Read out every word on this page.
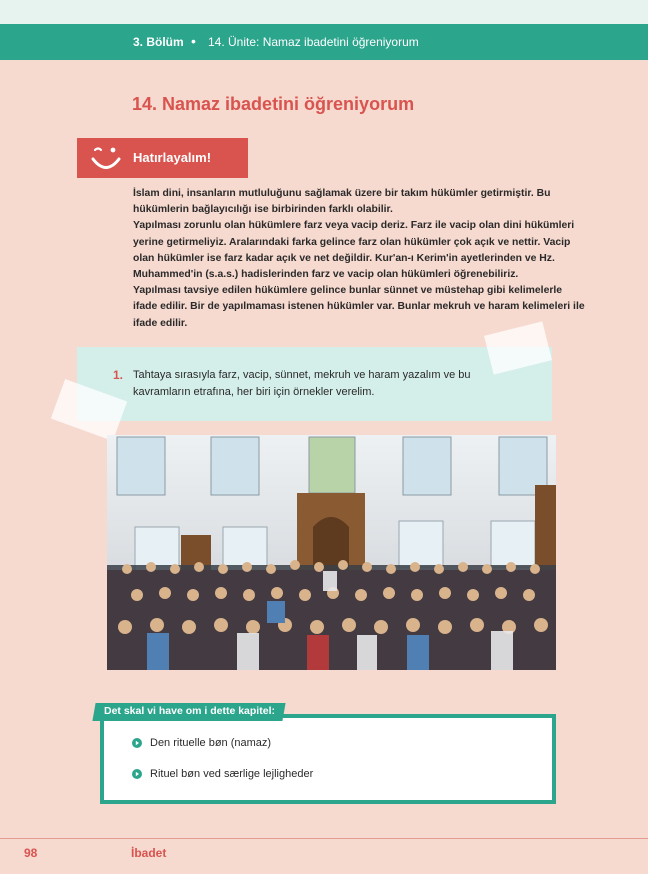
3. Bölüm • 14. Ünite: Namaz ibadetini öğreniyorum
14. Namaz ibadetini öğreniyorum
Hatırlayalım!

İslam dini, insanların mutluluğunu sağlamak üzere bir takım hükümler getirmiştir. Bu hükümlerin bağlayıcılığı ise birbirinden farklı olabilir.

Yapılması zorunlu olan hükümlere farz veya vacip deriz. Farz ile vacip olan dini hükümleri yerine getirmeliyiz. Aralarındaki farka gelince farz olan hükümler çok açık ve nettir. Vacip olan hükümler ise farz kadar açık ve net değildir. Kur'an-ı Kerim'in ayetlerinden ve Hz. Muhammed'in (s.a.s.) hadislerinden farz ve vacip olan hükümleri öğrenebiliriz.

Yapılması tavsiye edilen hükümlere gelince bunlar sünnet ve müstehap gibi kelimelerle ifade edilir. Bir de yapılmaması istenen hükümler var. Bunlar mekruh ve haram kelimeleri ile ifade edilir.

1. Tahtaya sırasıyla farz, vacip, sünnet, mekruh ve haram yazalım ve bu kavramların etrafına, her biri için örnekler verelim.
Det skal vi have om i dette kapitel:
Den rituelle bøn (namaz)
Rituel bøn ved særlige lejligheder
98	İbadet
